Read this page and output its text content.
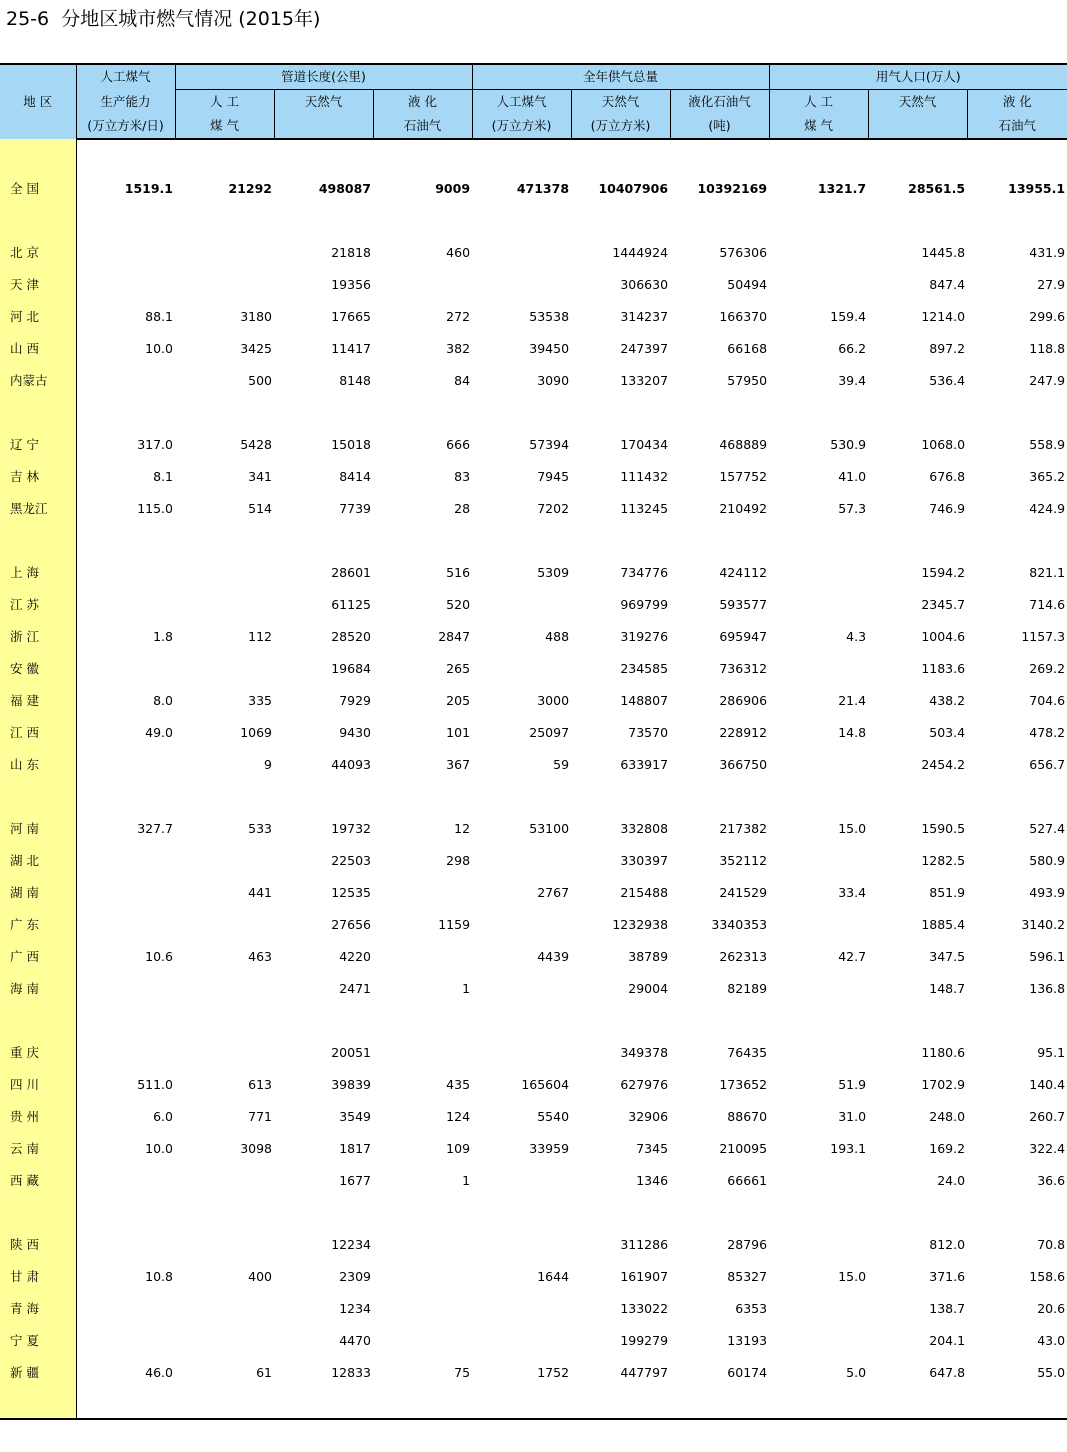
25-6  分地区城市燃气情况 (2015年)
地 区	人工煤气	管道长度(公里)			全年供气总量			用气人口(万人)		
	生产能力	人 工	天然气	液 化	人工煤气	天然气	液化石油气	人 工	天然气	液 化
	(万立方米/日)	煤 气		石油气	(万立方米)	(万立方米)	(吨)	煤 气		石油气

全 国	1519.1	21292	498087	9009	471378	10407906	10392169	1321.7	28561.5	13955.1

北 京			21818	460		1444924	576306		1445.8	431.9
天 津			19356			306630	50494		847.4	27.9
河 北	88.1	3180	17665	272	53538	314237	166370	159.4	1214.0	299.6
山 西	10.0	3425	11417	382	39450	247397	66168	66.2	897.2	118.8
内蒙古		500	8148	84	3090	133207	57950	39.4	536.4	247.9

辽 宁	317.0	5428	15018	666	57394	170434	468889	530.9	1068.0	558.9
吉 林	8.1	341	8414	83	7945	111432	157752	41.0	676.8	365.2
黑龙江	115.0	514	7739	28	7202	113245	210492	57.3	746.9	424.9

上 海			28601	516	5309	734776	424112		1594.2	821.1
江 苏			61125	520		969799	593577		2345.7	714.6
浙 江	1.8	112	28520	2847	488	319276	695947	4.3	1004.6	1157.3
安 徽			19684	265		234585	736312		1183.6	269.2
福 建	8.0	335	7929	205	3000	148807	286906	21.4	438.2	704.6
江 西	49.0	1069	9430	101	25097	73570	228912	14.8	503.4	478.2
山 东		9	44093	367	59	633917	366750		2454.2	656.7

河 南	327.7	533	19732	12	53100	332808	217382	15.0	1590.5	527.4
湖 北			22503	298		330397	352112		1282.5	580.9
湖 南		441	12535		2767	215488	241529	33.4	851.9	493.9
广 东			27656	1159		1232938	3340353		1885.4	3140.2
广 西	10.6	463	4220		4439	38789	262313	42.7	347.5	596.1
海 南			2471	1		29004	82189		148.7	136.8

重 庆			20051			349378	76435		1180.6	95.1
四 川	511.0	613	39839	435	165604	627976	173652	51.9	1702.9	140.4
贵 州	6.0	771	3549	124	5540	32906	88670	31.0	248.0	260.7
云 南	10.0	3098	1817	109	33959	7345	210095	193.1	169.2	322.4
西 藏			1677	1		1346	66661		24.0	36.6

陕 西			12234			311286	28796		812.0	70.8
甘 肃	10.8	400	2309		1644	161907	85327	15.0	371.6	158.6
青 海			1234			133022	6353		138.7	20.6
宁 夏			4470			199279	13193		204.1	43.0
新 疆	46.0	61	12833	75	1752	447797	60174	5.0	647.8	55.0
